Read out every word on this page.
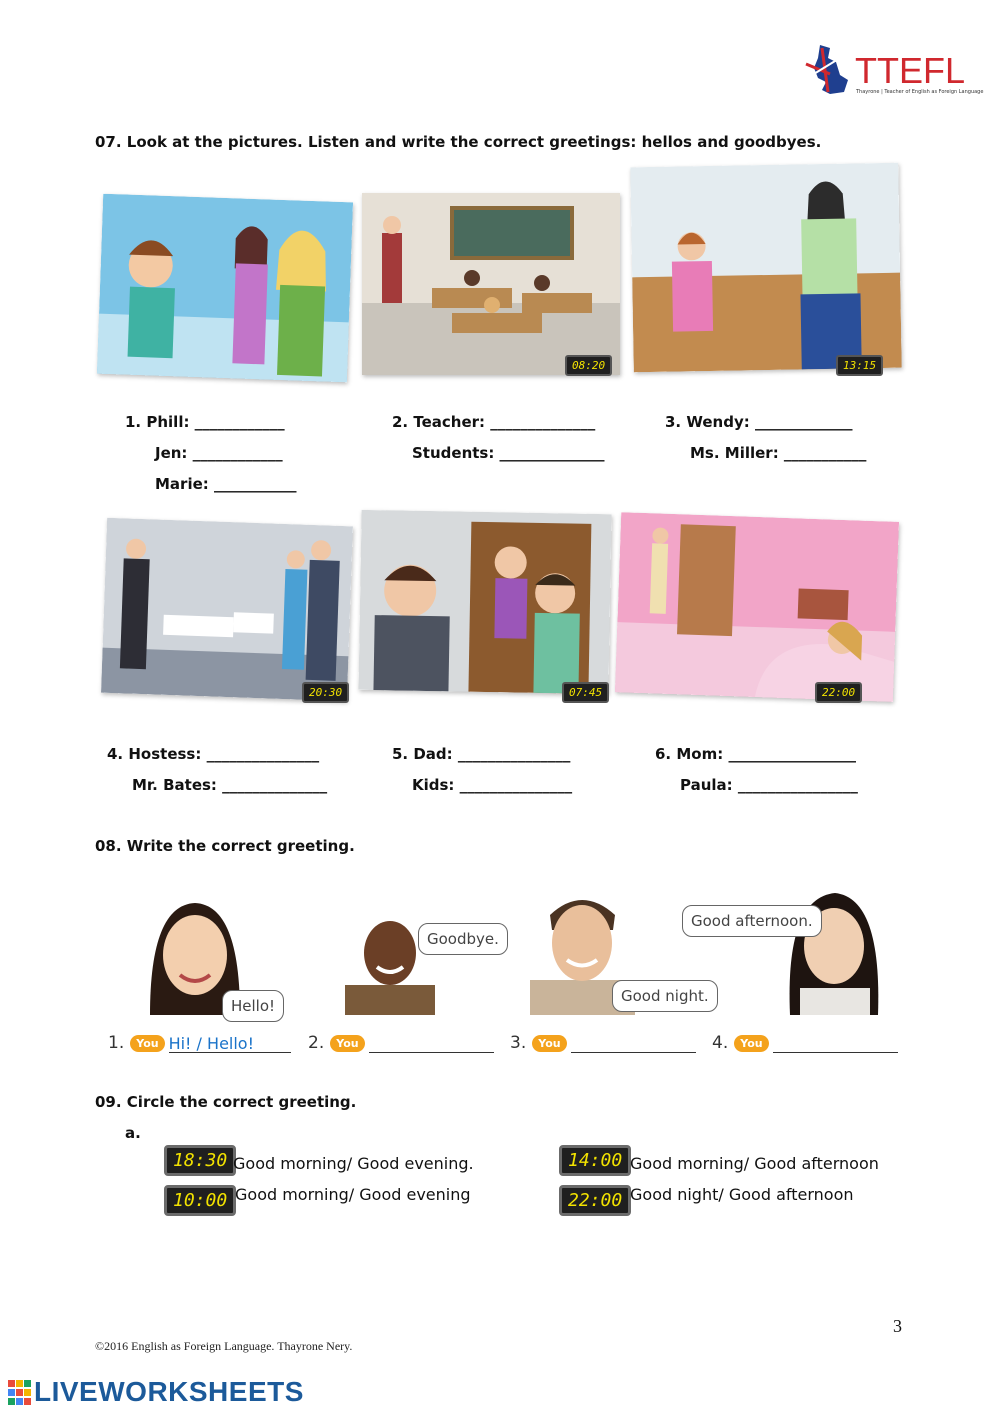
TTEFL
Thayrone | Teacher of English as Foreign Language
07. Look at the pictures. Listen and write the correct greetings: hellos and goodbyes.
08:20	13:15
1. Phill: ____________
Jen: ____________
Marie: ___________
2. Teacher: ______________
Students: ______________
3. Wendy: _____________
Ms. Miller: ___________
20:30	07:45	22:00
4. Hostess: _______________
Mr. Bates: ______________
5. Dad: _______________
Kids: _______________
6. Mom: _________________
Paula: ________________
08. Write the correct greeting.
Hello!
Goodbye.
Good night.
Good afternoon.
1. You Hi! / Hello!	2. You	3. You	4. You
09. Circle the correct greeting.
a.
18:30 Good morning/ Good evening.
10:00 Good morning/ Good evening
14:00 Good morning/ Good afternoon
22:00 Good night/ Good afternoon
3
©2016 English as Foreign Language. Thayrone Nery.
LIVEWORKSHEETS
